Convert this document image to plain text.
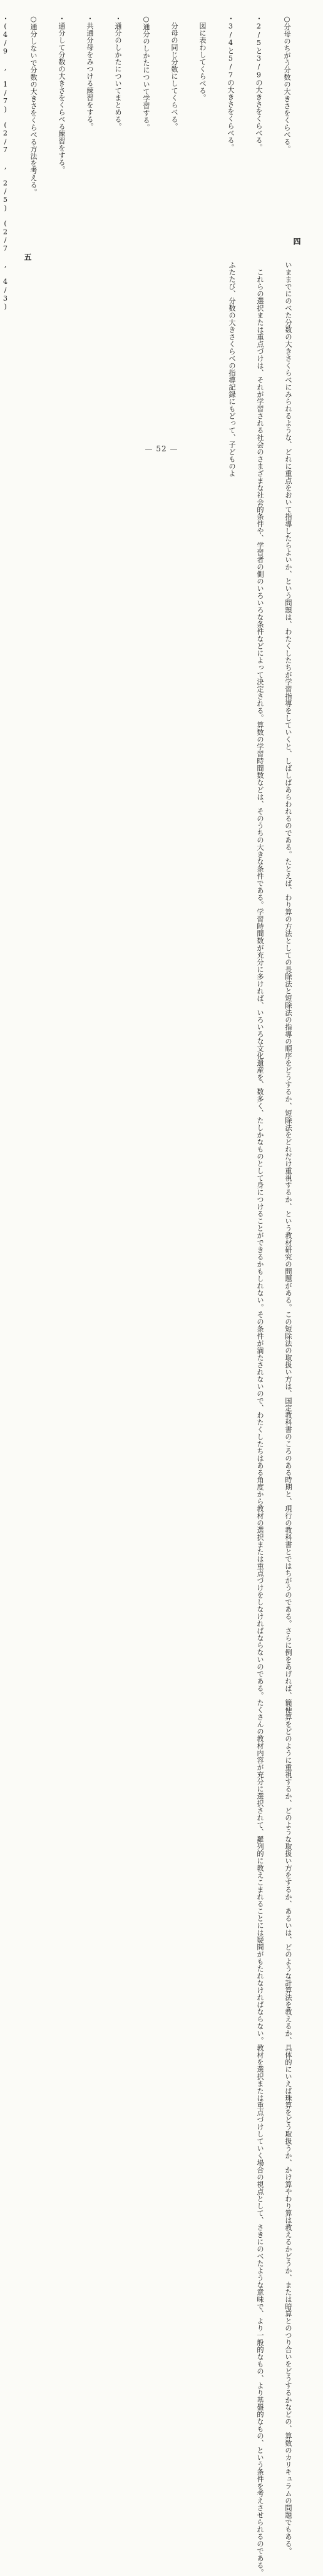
○分母のちがう分数の大きさをくらべる。

・2/5と3/9の大きさをくらべる。

・3/4と5/7の大きさをくらべる。

　図に表わしてくらべる。

　分母の同じ分数にしてくらべる。

○通分のしかたについて学習する。

・通分のしかたについてまとめる。

・共通分母をみつける練習をする。

・通分して分数の大きさをくらべる練習をする。

○通分しないで分数の大きさをくらべる方法を考える。

・(4/9 , 1/7)　(2/7 , 2/5)　(2/7 , 4/3)

	四

いままでにのべた分数の大きさくらべにみられるような、どれに重点をおいて指導したらよいか、という問題は、わたくしたちが学習指導をしていくと、しばしばあらわれるのである。たとえば、わり算の方法としての長除法と短除法の指導の順序をどうするか、短除法をどれだけ重視するか、という教材研究の問題がある。この短除法の取扱い方は、国定教科書のころのある時期と、現行の教科書とではちがうのである。さらに例をあげれば、簡便算をどのように重視するか、どのような取扱い方をするか、あるいは、どのような計算法を教えるか、具体的にいえば珠算をどう取扱うか、かけ算やわり算は教えるかどうか、または暗算とのつり合いをどうするかなどの、算数のカリキュラムの問題でもある。

　これらの選択または重点づけは、それが学習される社会のさまざまな社会的条件や、学習者の側のいろいろな条件などによって決定される。算数の学習時間数などは、そのうちの大きな条件である。学習時間数が充分に多ければ、いろいろな文化遺産を、数多く、たしかなものとして身につけることができるかもしれない。その条件が満たされないので、わたくしたちはある角度から教材の選択または重点づけをしなければならないのである。たくさんの教材内容が充分に選択されて、羅列的に教えこまれることには疑問がもたれなければならない。教材を選択または重点づけしていく場合の視点として、さきにのべたような意味で、より一般的なもの、より基盤的なもの、という条件を考えさせられるのである。

ふたたび、分数の大きさくらべの指導記録にもどって、子どものよ

五
— 52 —
